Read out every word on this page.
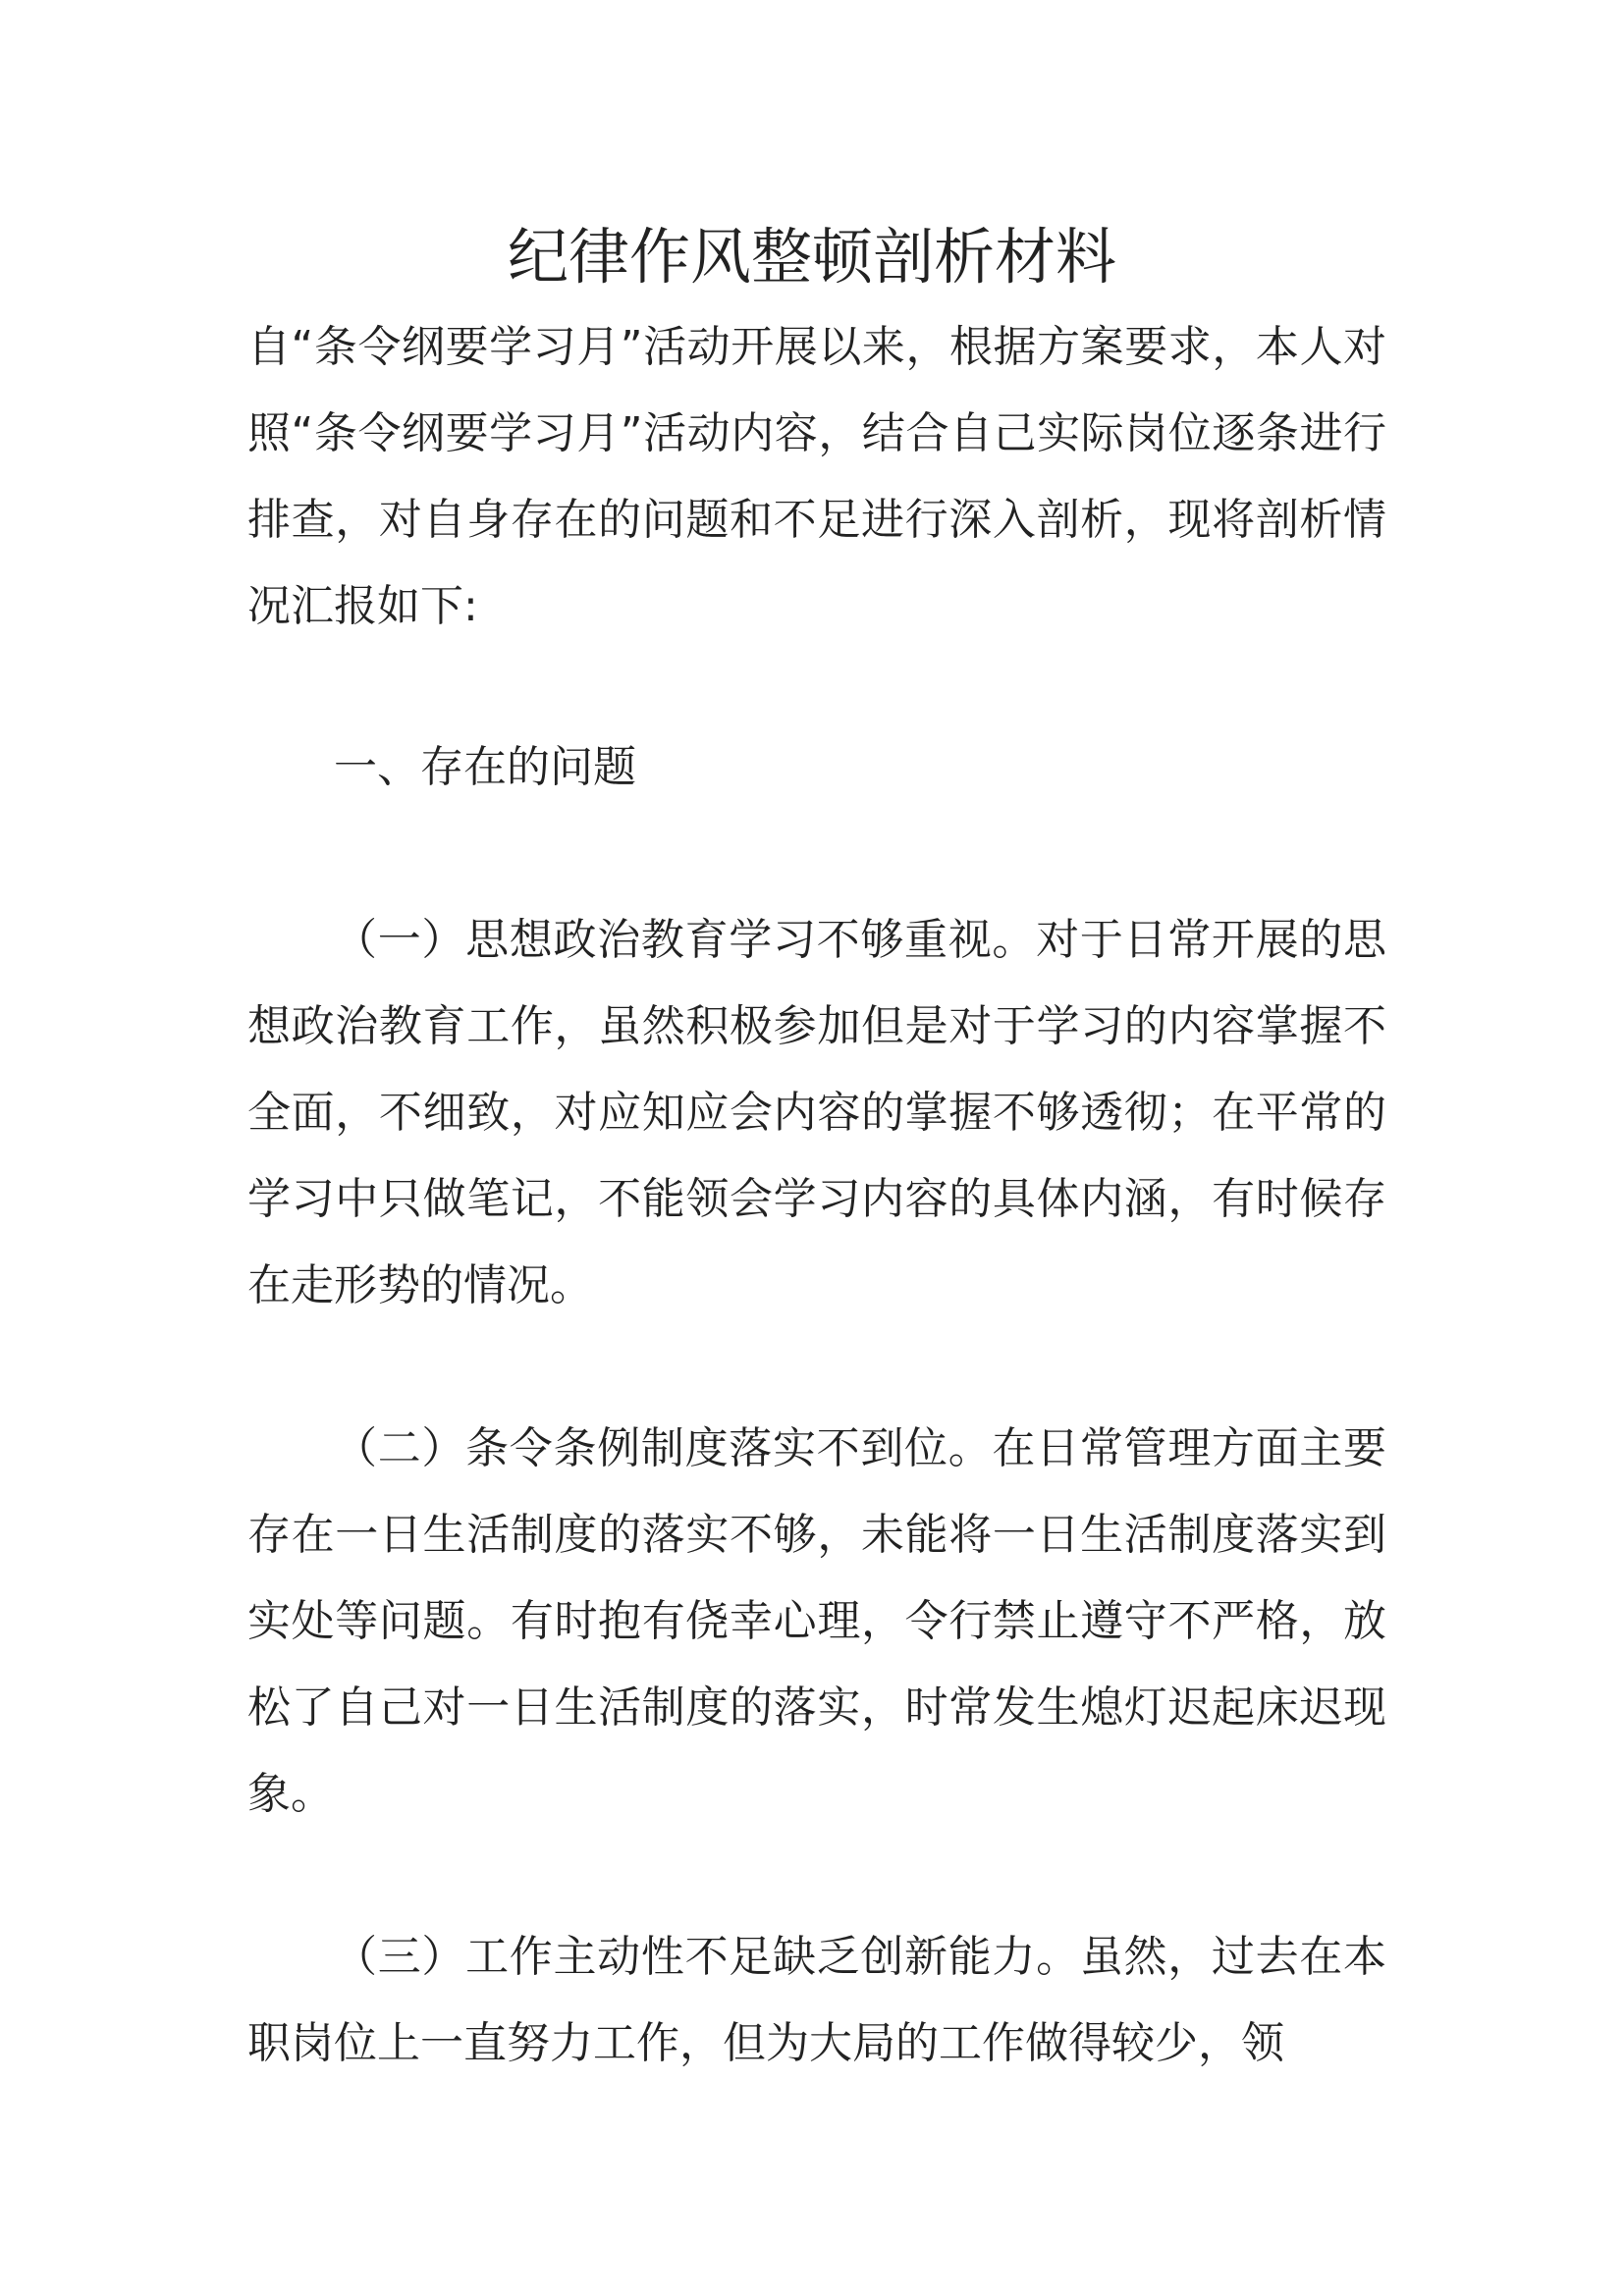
纪律作风整顿剖析材料

自“条令纲要学习月”活动开展以来，根据方案要求，本人对照“条令纲要学习月”活动内容，结合自己实际岗位逐条进行排查，对自身存在的问题和不足进行深入剖析，现将剖析情况汇报如下:

一、存在的问题

（一）思想政治教育学习不够重视。对于日常开展的思想政治教育工作，虽然积极参加但是对于学习的内容掌握不全面，不细致，对应知应会内容的掌握不够透彻；在平常的学习中只做笔记，不能领会学习内容的具体内涵，有时候存在走形势的情况。

（二）条令条例制度落实不到位。在日常管理方面主要存在一日生活制度的落实不够，未能将一日生活制度落实到实处等问题。有时抱有侥幸心理，令行禁止遵守不严格，放松了自己对一日生活制度的落实，时常发生熄灯迟起床迟现象。

（三）工作主动性不足缺乏创新能力。虽然，过去在本职岗位上一直努力工作，但为大局的工作做得较少，领
